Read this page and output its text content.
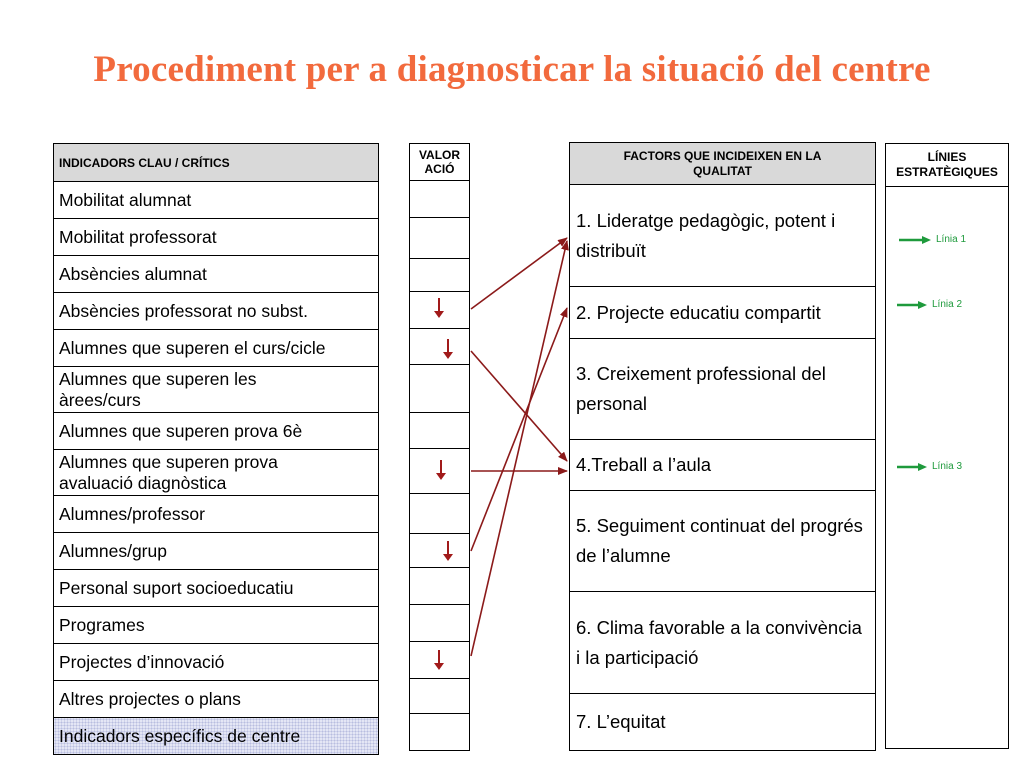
Procediment per a diagnosticar la situació del centre
INDICADORS CLAU / CRÍTICS
Mobilitat alumnat
Mobilitat professorat
Absències alumnat
Absències professorat no subst.
Alumnes que superen el curs/cicle
Alumnes que superen les àrees/curs
Alumnes que superen prova 6è
Alumnes que superen prova avaluació diagnòstica
Alumnes/professor
Alumnes/grup
Personal suport socioeducatiu
Programes
Projectes d’innovació
Altres projectes o plans
Indicadors específics de centre
VALOR
ACIÓ
FACTORS QUE INCIDEIXEN EN LA
QUALITAT
1. Lideratge pedagògic, potent i distribuït
2. Projecte educatiu compartit
3. Creixement professional del personal
4.Treball a l’aula
5. Seguiment continuat del progrés de l’alumne
6. Clima favorable a la convivència i la participació
7. L’equitat
LÍNIES
ESTRATÈGIQUES
Línia 1
Línia 2
Línia 3
